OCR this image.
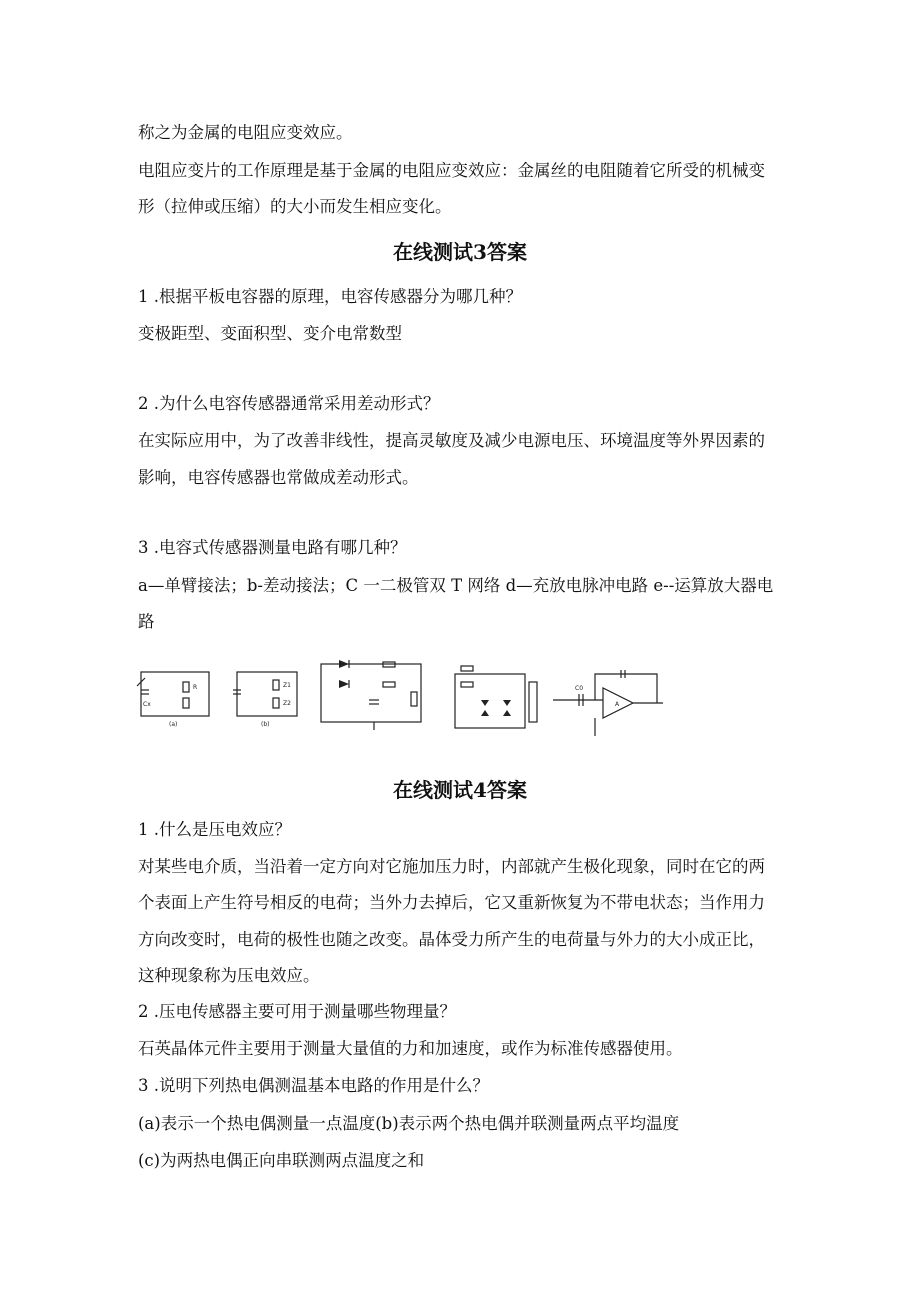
称之为金属的电阻应变效应。

电阻应变片的工作原理是基于金属的电阻应变效应：金属丝的电阻随着它所受的机械变

形（拉伸或压缩）的大小而发生相应变化。

在线测试3答案

1 .根据平板电容器的原理，电容传感器分为哪几种？

变极距型、变面积型、变介电常数型

2 .为什么电容传感器通常采用差动形式？

在实际应用中，为了改善非线性，提高灵敏度及减少电源电压、环境温度等外界因素的

影响，电容传感器也常做成差动形式。

3 .电容式传感器测量电路有哪几种？

a—单臂接法；b-差动接法；C 一二极管双 T 网络 d—充放电脉冲电路 e--运算放大器电

路

R
Cx
(a)
Z1
Z2
(b)
C0
A
在线测试4答案

1 .什么是压电效应？

对某些电介质，当沿着一定方向对它施加压力时，内部就产生极化现象，同时在它的两

个表面上产生符号相反的电荷；当外力去掉后，它又重新恢复为不带电状态；当作用力

方向改变时，电荷的极性也随之改变。晶体受力所产生的电荷量与外力的大小成正比，

这种现象称为压电效应。

2 .压电传感器主要可用于测量哪些物理量？

石英晶体元件主要用于测量大量值的力和加速度，或作为标准传感器使用。

3 .说明下列热电偶测温基本电路的作用是什么？

(a)表示一个热电偶测量一点温度(b)表示两个热电偶并联测量两点平均温度

(c)为两热电偶正向串联测两点温度之和
